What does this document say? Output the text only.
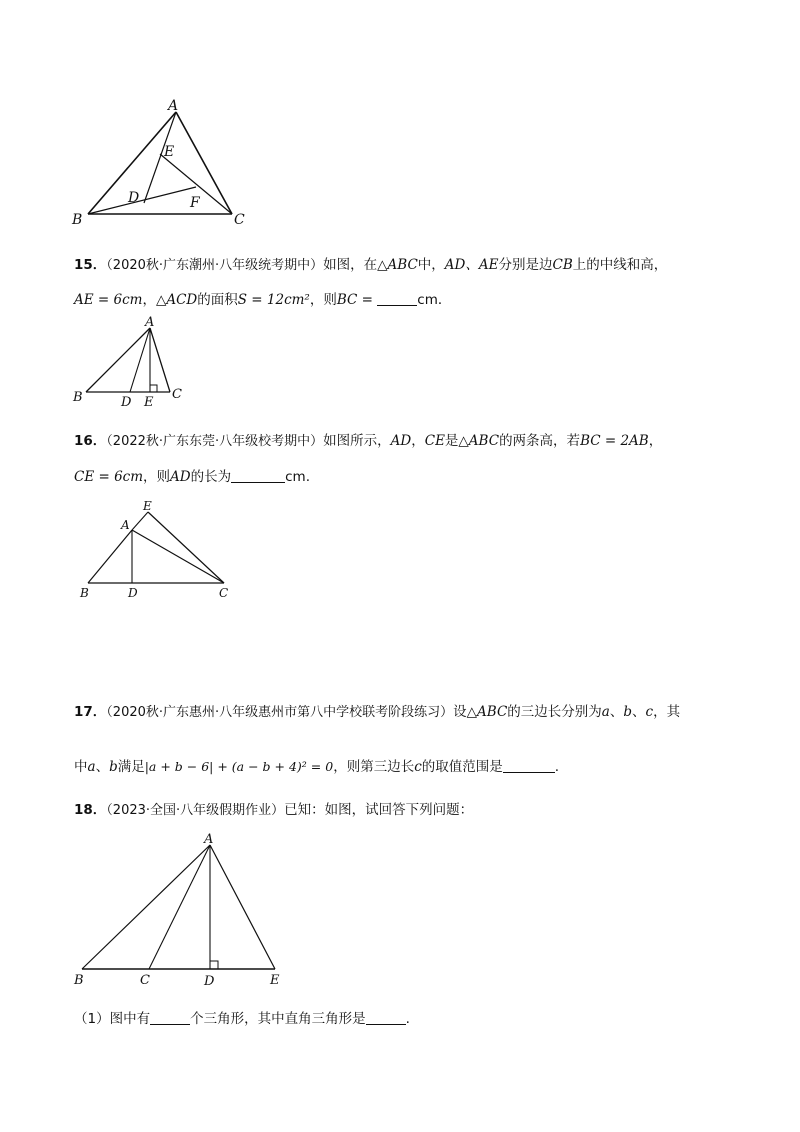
A
E
D	F
B	C
15．（2020秋·广东潮州·八年级统考期中）如图，在△ABC中，AD、AE分别是边CB上的中线和高，
AE = 6cm，△ACD的面积S = 12cm²，则BC =	cm．
A
B	D E
C
16．（2022秋·广东东莞·八年级校考期中）如图所示，AD，CE是△ABC的两条高，若BC = 2AB，
CE = 6cm，则AD的长为	cm.
E
A
B	D	C
17．（2020秋·广东惠州·八年级惠州市第八中学校联考阶段练习）设△ABC的三边长分别为a、b、c，其
中a、b满足|a + b − 6| + (a − b + 4)² = 0，则第三边长c的取值范围是	.
18．（2023·全国·八年级假期作业）已知：如图，试回答下列问题：
A
B	C	D	E
（1）图中有	个三角形，其中直角三角形是	.
